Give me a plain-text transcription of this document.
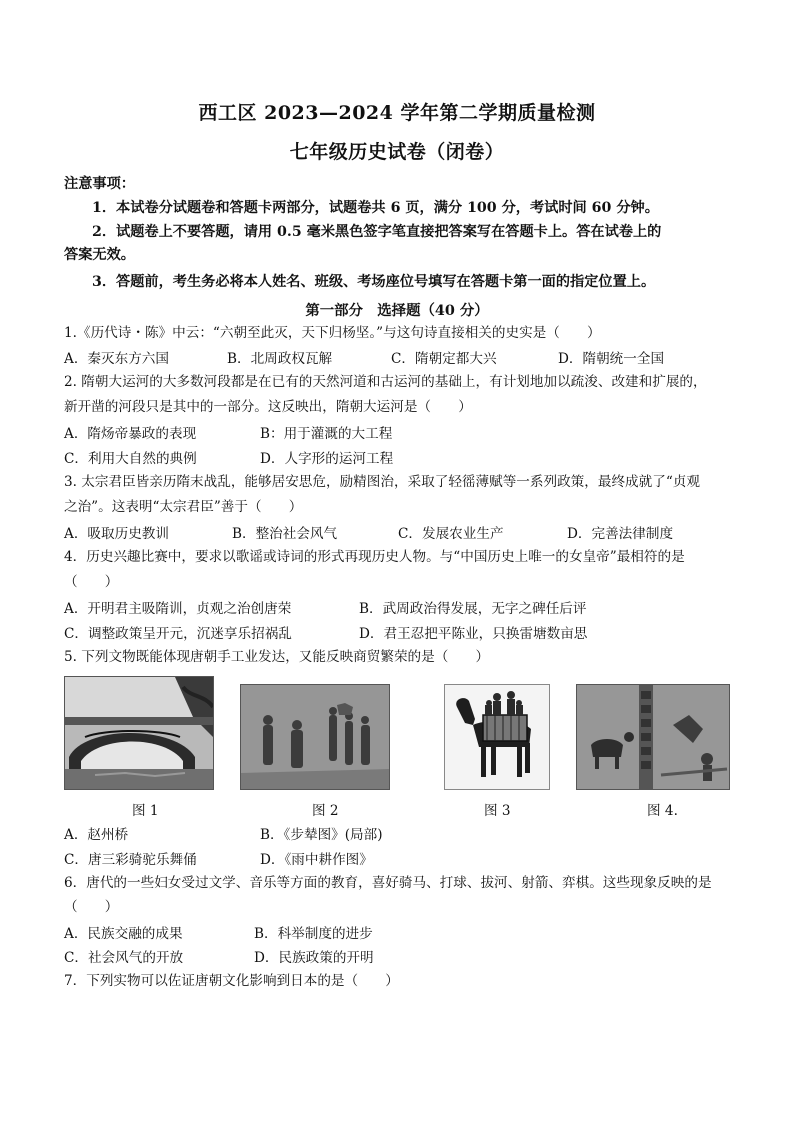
西工区 2023—2024 学年第二学期质量检测
七年级历史试卷（闭卷）
注意事项：
1．本试卷分试题卷和答题卡两部分，试题卷共 6 页，满分 100 分，考试时间 60 分钟。
2．试题卷上不要答题，请用 0.5 毫米黑色签字笔直接把答案写在答题卡上。答在试卷上的
答案无效。
3．答题前，考生务必将本人姓名、班级、考场座位号填写在答题卡第一面的指定位置上。
第一部分　选择题（40 分）
1.《历代诗・陈》中云：“六朝至此灭，天下归杨坚。”与这句诗直接相关的史实是（　　）
A．秦灭东方六国	B．北周政权瓦解	C．隋朝定都大兴	D．隋朝统一全国
2. 隋朝大运河的大多数河段都是在已有的天然河道和古运河的基础上，有计划地加以疏浚、改建和扩展的，
新开凿的河段只是其中的一部分。这反映出，隋朝大运河是（　　）
A．隋炀帝暴政的表现	B：用于灌溉的大工程
C．利用大自然的典例	D．人字形的运河工程
3. 太宗君臣皆亲历隋末战乱，能够居安思危，励精图治，采取了轻徭薄赋等一系列政策，最终成就了“贞观
之治”。这表明“太宗君臣”善于（　　）
A．吸取历史教训	B．整治社会风气	C．发展农业生产	D．完善法律制度
4．历史兴趣比赛中，要求以歌谣或诗词的形式再现历史人物。与“中国历史上唯一的女皇帝”最相符的是
（　　）
A．开明君主吸隋训，贞观之治创唐荣	B．武周政治得发展，无字之碑任后评
C．调整政策呈开元，沉迷享乐招祸乱	D．君王忍把平陈业，只换雷塘数亩思
5. 下列文物既能体现唐朝手工业发达，又能反映商贸繁荣的是（　　）
图 1	图 2	图 3	图 4.
A．赵州桥	B．《步辇图》(局部)
C．唐三彩骑驼乐舞俑	D．《雨中耕作图》
6．唐代的一些妇女受过文学、音乐等方面的教育，喜好骑马、打球、拔河、射箭、弈棋。这些现象反映的是
（　　）
A．民族交融的成果	B．科举制度的进步
C．社会风气的开放	D．民族政策的开明
7．下列实物可以佐证唐朝文化影响到日本的是（　　）
